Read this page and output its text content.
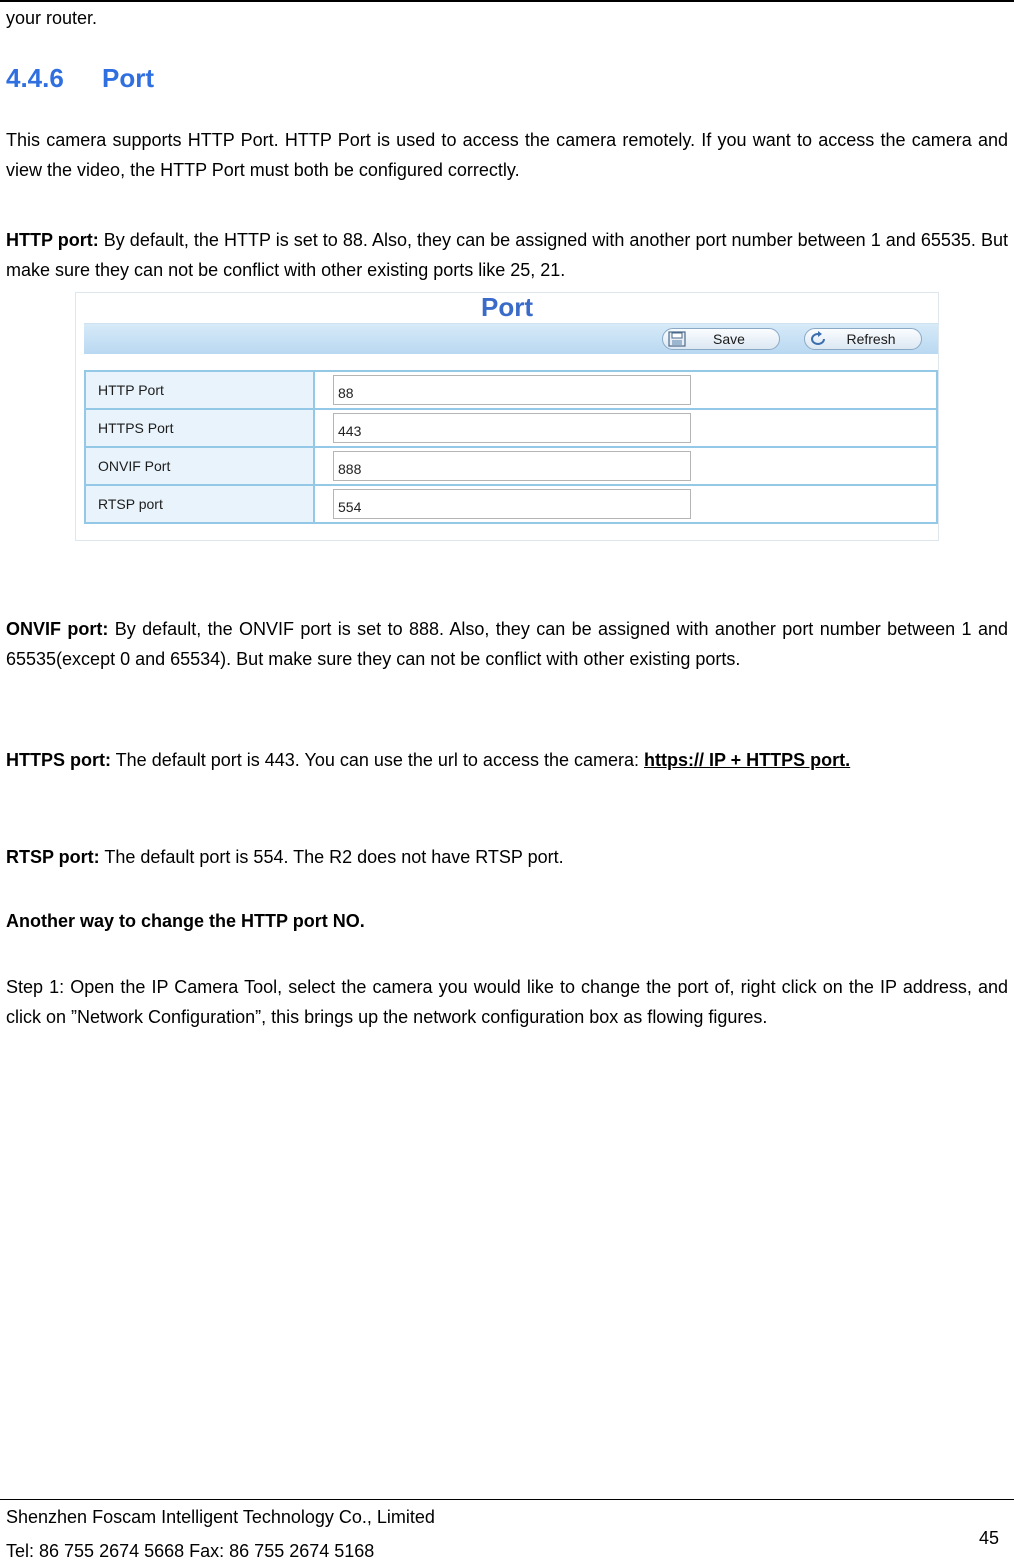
your router.
4.4.6 Port

This camera supports HTTP Port. HTTP Port is used to access the camera remotely. If you want to access the camera and view the video, the HTTP Port must both be configured correctly.

HTTP port: By default, the HTTP is set to 88. Also, they can be assigned with another port number between 1 and 65535. But make sure they can not be conflict with other existing ports like 25, 21.

Port
Save	Refresh
HTTP Port	88
HTTPS Port	443
ONVIF Port	888
RTSP port	554

ONVIF port: By default, the ONVIF port is set to 888. Also, they can be assigned with another port number between 1 and 65535(except 0 and 65534). But make sure they can not be conflict with other existing ports.

HTTPS port: The default port is 443. You can use the url to access the camera: https:// IP + HTTPS port.

RTSP port: The default port is 554. The R2 does not have RTSP port.

Another way to change the HTTP port NO.

Step 1: Open the IP Camera Tool, select the camera you would like to change the port of, right click on the IP address, and click on ”Network Configuration”, this brings up the network configuration box as flowing figures.

Shenzhen Foscam Intelligent Technology Co., Limited
Tel: 86 755 2674 5668 Fax: 86 755 2674 5168
45
